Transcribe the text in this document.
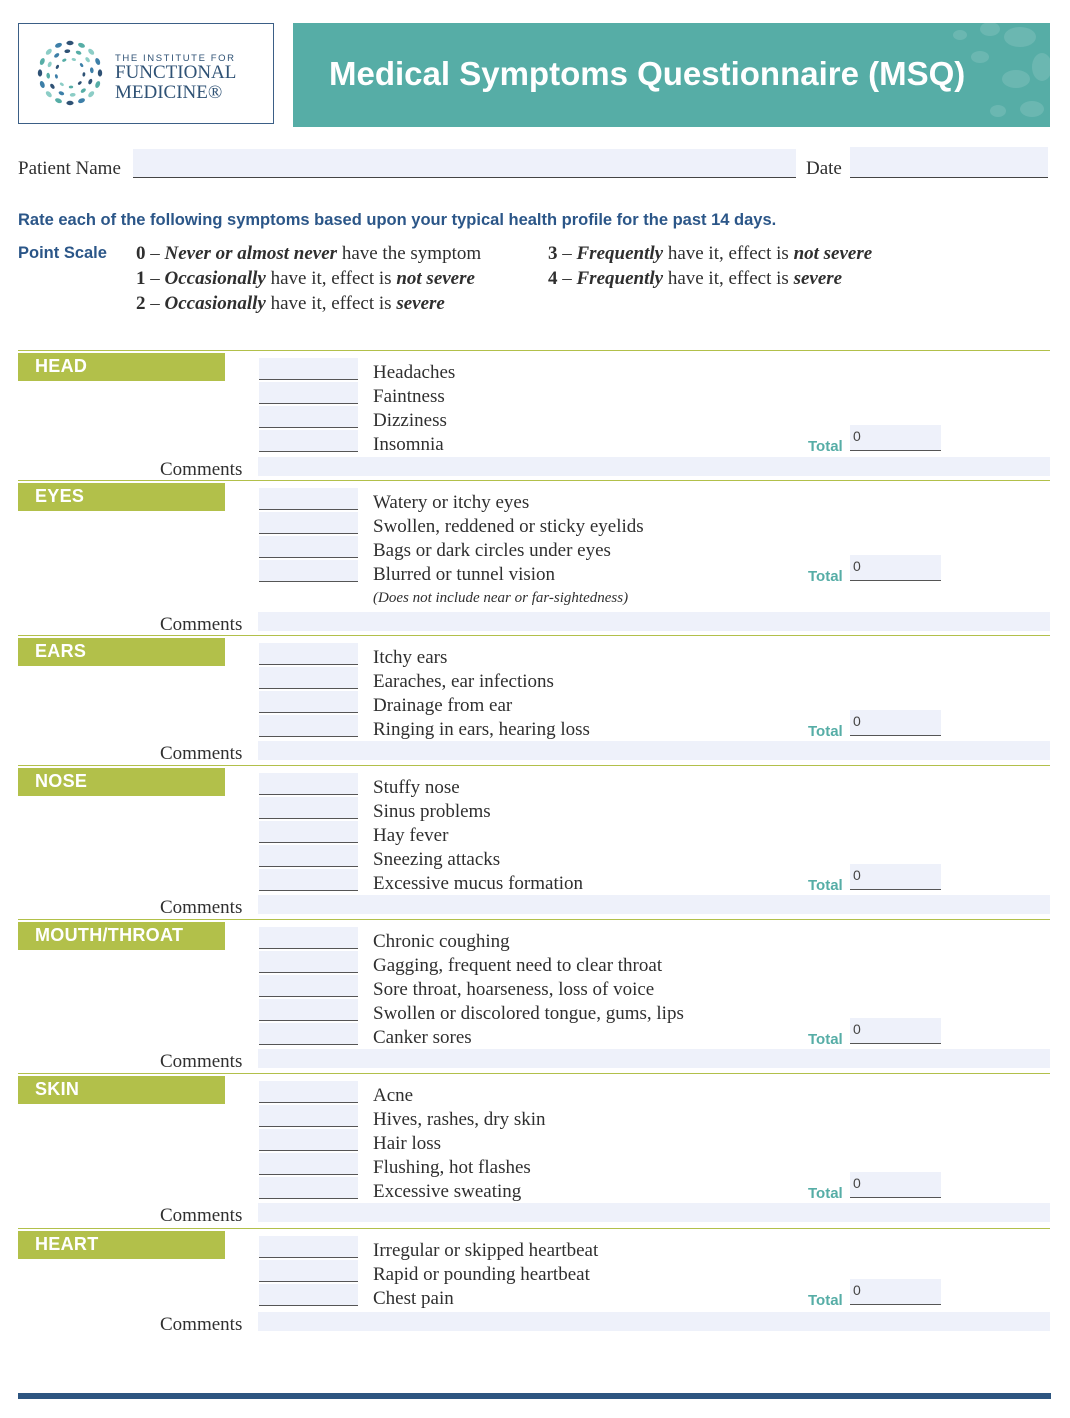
THE INSTITUTE FOR
FUNCTIONAL
MEDICINE®
Medical Symptoms Questionnaire (MSQ)
Patient Name	Date
Rate each of the following symptoms based upon your typical health profile for the past 14 days.
Point Scale 0 – Never or almost never have the symptom
1 – Occasionally have it, effect is not severe
2 – Occasionally have it, effect is severe
3 – Frequently have it, effect is not severe
4 – Frequently have it, effect is severe
HEAD	Headaches
Faintness
Dizziness
Insomnia	Total
0
Comments
EYES	Watery or itchy eyes
Swollen, reddened or sticky eyelids
Bags or dark circles under eyes
Blurred or tunnel vision
(Does not include near or far-sightedness)
Total
0
Comments
EARS	Itchy ears
Earaches, ear infections
Drainage from ear
Ringing in ears, hearing loss	Total
0
Comments
NOSE	Stuffy nose
Sinus problems
Hay fever
Sneezing attacks
Excessive mucus formation	Total
0
Comments
MOUTH/THROAT	Chronic coughing
Gagging, frequent need to clear throat
Sore throat, hoarseness, loss of voice
Swollen or discolored tongue, gums, lips
Canker sores	Total
0
Comments
SKIN	Acne
Hives, rashes, dry skin
Hair loss
Flushing, hot flashes
Excessive sweating	Total
0
Comments
HEART	Irregular or skipped heartbeat
Rapid or pounding heartbeat
Chest pain	Total
0
Comments
